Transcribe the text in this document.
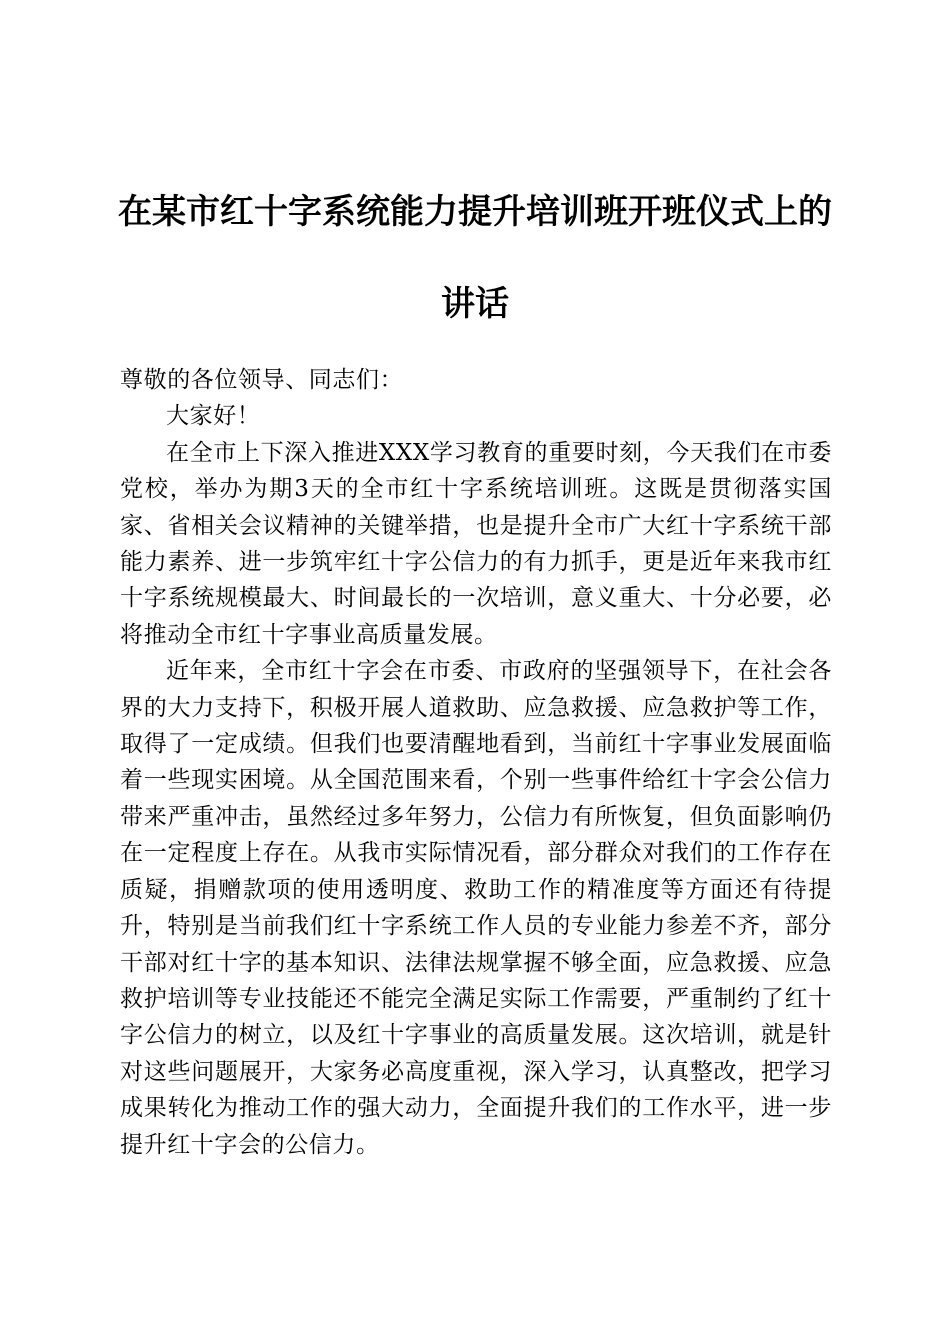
在某市红十字系统能力提升培训班开班仪式上的讲话

尊敬的各位领导、同志们：

大家好！

在全市上下深入推进XXX学习教育的重要时刻，今天我们在市委党校，举办为期3天的全市红十字系统培训班。这既是贯彻落实国家、省相关会议精神的关键举措，也是提升全市广大红十字系统干部能力素养、进一步筑牢红十字公信力的有力抓手，更是近年来我市红十字系统规模最大、时间最长的一次培训，意义重大、十分必要，必将推动全市红十字事业高质量发展。

近年来，全市红十字会在市委、市政府的坚强领导下，在社会各界的大力支持下，积极开展人道救助、应急救援、应急救护等工作，取得了一定成绩。但我们也要清醒地看到，当前红十字事业发展面临着一些现实困境。从全国范围来看，个别一些事件给红十字会公信力带来严重冲击，虽然经过多年努力，公信力有所恢复，但负面影响仍在一定程度上存在。从我市实际情况看，部分群众对我们的工作存在质疑，捐赠款项的使用透明度、救助工作的精准度等方面还有待提升，特别是当前我们红十字系统工作人员的专业能力参差不齐，部分干部对红十字的基本知识、法律法规掌握不够全面，应急救援、应急救护培训等专业技能还不能完全满足实际工作需要，严重制约了红十字公信力的树立，以及红十字事业的高质量发展。这次培训，就是针对这些问题展开，大家务必高度重视，深入学习，认真整改，把学习成果转化为推动工作的强大动力，全面提升我们的工作水平，进一步提升红十字会的公信力。
